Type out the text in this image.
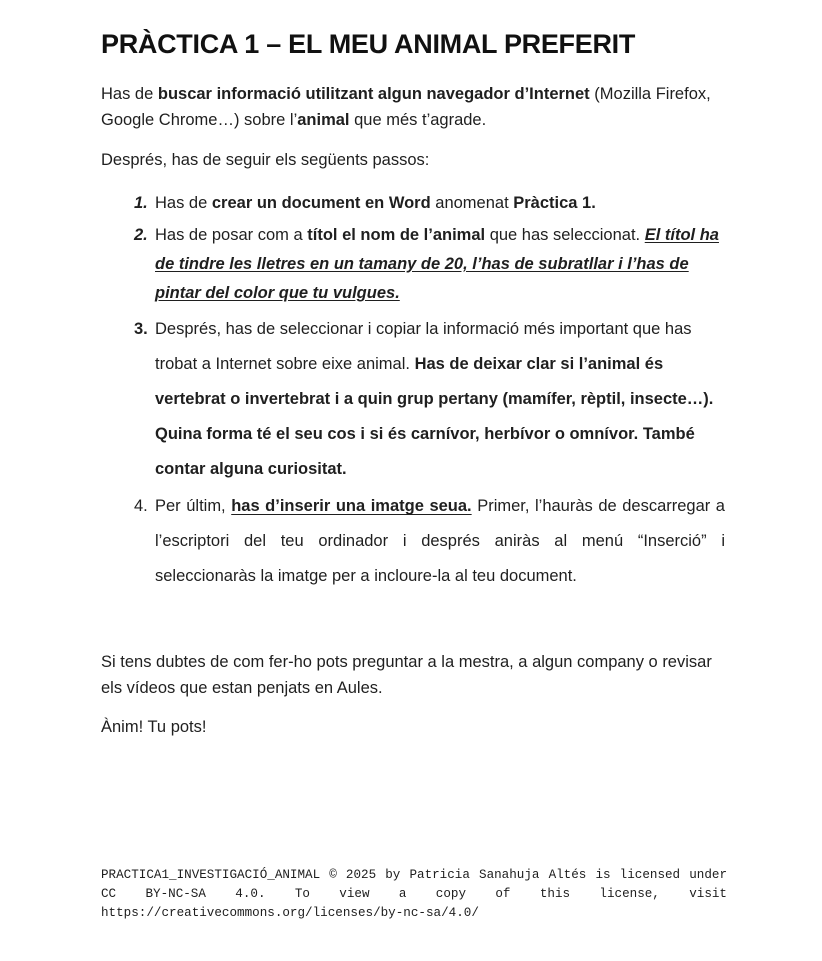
PRÀCTICA 1 – EL MEU ANIMAL PREFERIT

Has de buscar informació utilitzant algun navegador d’Internet (Mozilla Firefox, Google Chrome…) sobre l’animal que més t’agrade.

Després, has de seguir els següents passos:

1. Has de crear un document en Word anomenat Pràctica 1.
2. Has de posar com a títol el nom de l’animal que has seleccionat. El títol ha de tindre les lletres en un tamany de 20, l’has de subratllar i l’has de pintar del color que tu vulgues.
3. Després, has de seleccionar i copiar la informació més important que has trobat a Internet sobre eixe animal. Has de deixar clar si l’animal és vertebrat o invertebrat i a quin grup pertany (mamífer, rèptil, insecte…). Quina forma té el seu cos i si és carnívor, herbívor o omnívor. També contar alguna curiositat.
4. Per últim, has d’inserir una imatge seua. Primer, l’hauràs de descarregar a l’escriptori del teu ordinador i després aniràs al menú “Inserció” i seleccionaràs la imatge per a incloure-la al teu document.

Si tens dubtes de com fer-ho pots preguntar a la mestra, a algun company o revisar els vídeos que estan penjats en Aules.

Ànim! Tu pots!

PRACTICA1_INVESTIGACIÓ_ANIMAL © 2025 by Patricia Sanahuja Altés is licensed under

CC BY-NC-SA 4.0. To view a copy of this license, visit

https://creativecommons.org/licenses/by-nc-sa/4.0/
